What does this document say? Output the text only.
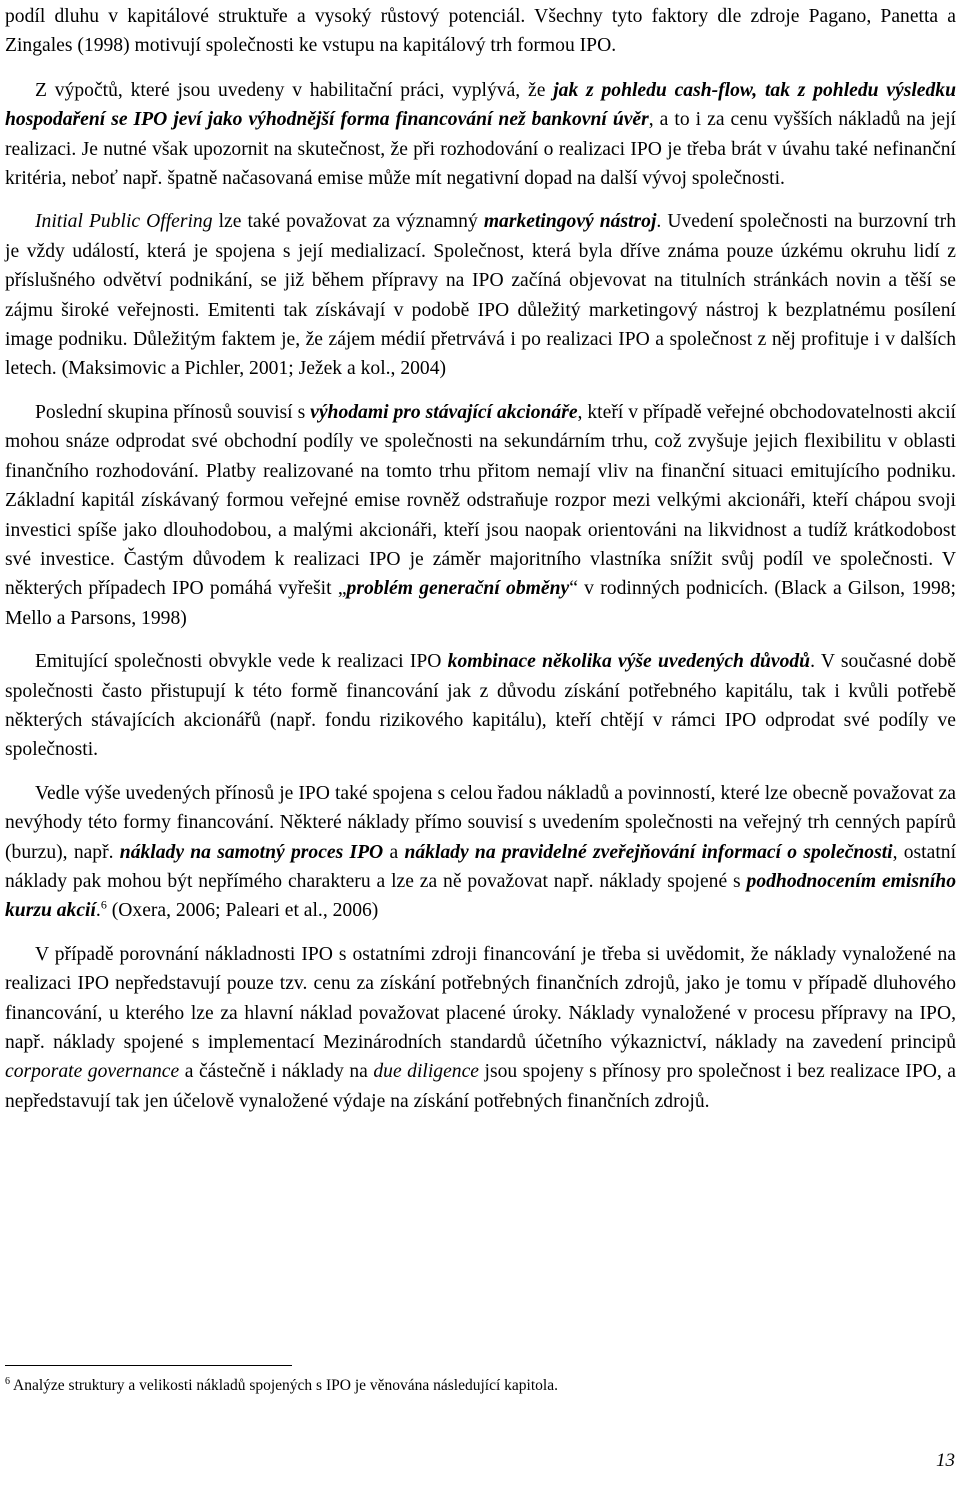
podíl dluhu v kapitálové struktuře a vysoký růstový potenciál. Všechny tyto faktory dle zdroje Pagano, Panetta a Zingales (1998) motivují společnosti ke vstupu na kapitálový trh formou IPO.

Z výpočtů, které jsou uvedeny v habilitační práci, vyplývá, že jak z pohledu cash-flow, tak z pohledu výsledku hospodaření se IPO jeví jako výhodnější forma financování než bankovní úvěr, a to i za cenu vyšších nákladů na její realizaci. Je nutné však upozornit na skutečnost, že při rozhodování o realizaci IPO je třeba brát v úvahu také nefinanční kritéria, neboť např. špatně načasovaná emise může mít negativní dopad na další vývoj společnosti.

Initial Public Offering lze také považovat za významný marketingový nástroj. Uvedení společnosti na burzovní trh je vždy událostí, která je spojena s její medializací. Společnost, která byla dříve známa pouze úzkému okruhu lidí z příslušného odvětví podnikání, se již během přípravy na IPO začíná objevovat na titulních stránkách novin a těší se zájmu široké veřejnosti. Emitenti tak získávají v podobě IPO důležitý marketingový nástroj k bezplatnému posílení image podniku. Důležitým faktem je, že zájem médií přetrvává i po realizaci IPO a společnost z něj profituje i v dalších letech. (Maksimovic a Pichler, 2001; Ježek a kol., 2004)

Poslední skupina přínosů souvisí s výhodami pro stávající akcionáře, kteří v případě veřejné obchodovatelnosti akcií mohou snáze odprodat své obchodní podíly ve společnosti na sekundárním trhu, což zvyšuje jejich flexibilitu v oblasti finančního rozhodování. Platby realizované na tomto trhu přitom nemají vliv na finanční situaci emitujícího podniku. Základní kapitál získávaný formou veřejné emise rovněž odstraňuje rozpor mezi velkými akcionáři, kteří chápou svoji investici spíše jako dlouhodobou, a malými akcionáři, kteří jsou naopak orientováni na likvidnost a tudíž krátkodobost své investice. Častým důvodem k realizaci IPO je záměr majoritního vlastníka snížit svůj podíl ve společnosti. V některých případech IPO pomáhá vyřešit „problém generační obměny“ v rodinných podnicích. (Black a Gilson, 1998; Mello a Parsons, 1998)

Emitující společnosti obvykle vede k realizaci IPO kombinace několika výše uvedených důvodů. V současné době společnosti často přistupují k této formě financování jak z důvodu získání potřebného kapitálu, tak i kvůli potřebě některých stávajících akcionářů (např. fondu rizikového kapitálu), kteří chtějí v rámci IPO odprodat své podíly ve společnosti.

Vedle výše uvedených přínosů je IPO také spojena s celou řadou nákladů a povinností, které lze obecně považovat za nevýhody této formy financování. Některé náklady přímo souvisí s uvedením společnosti na veřejný trh cenných papírů (burzu), např. náklady na samotný proces IPO a náklady na pravidelné zveřejňování informací o společnosti, ostatní náklady pak mohou být nepřímého charakteru a lze za ně považovat např. náklady spojené s podhodnocením emisního kurzu akcií.$^6$ (Oxera, 2006; Paleari et al., 2006)

V případě porovnání nákladnosti IPO s ostatními zdroji financování je třeba si uvědomit, že náklady vynaložené na realizaci IPO nepředstavují pouze tzv. cenu za získání potřebných finančních zdrojů, jako je tomu v případě dluhového financování, u kterého lze za hlavní náklad považovat placené úroky. Náklady vynaložené v procesu přípravy na IPO, např. náklady spojené s implementací Mezinárodních standardů účetního výkaznictví, náklady na zavedení principů corporate governance a částečně i náklady na due diligence jsou spojeny s přínosy pro společnost i bez realizace IPO, a nepředstavují tak jen účelově vynaložené výdaje na získání potřebných finančních zdrojů.

$^6$ Analýze struktury a velikosti nákladů spojených s IPO je věnována následující kapitola.
13
